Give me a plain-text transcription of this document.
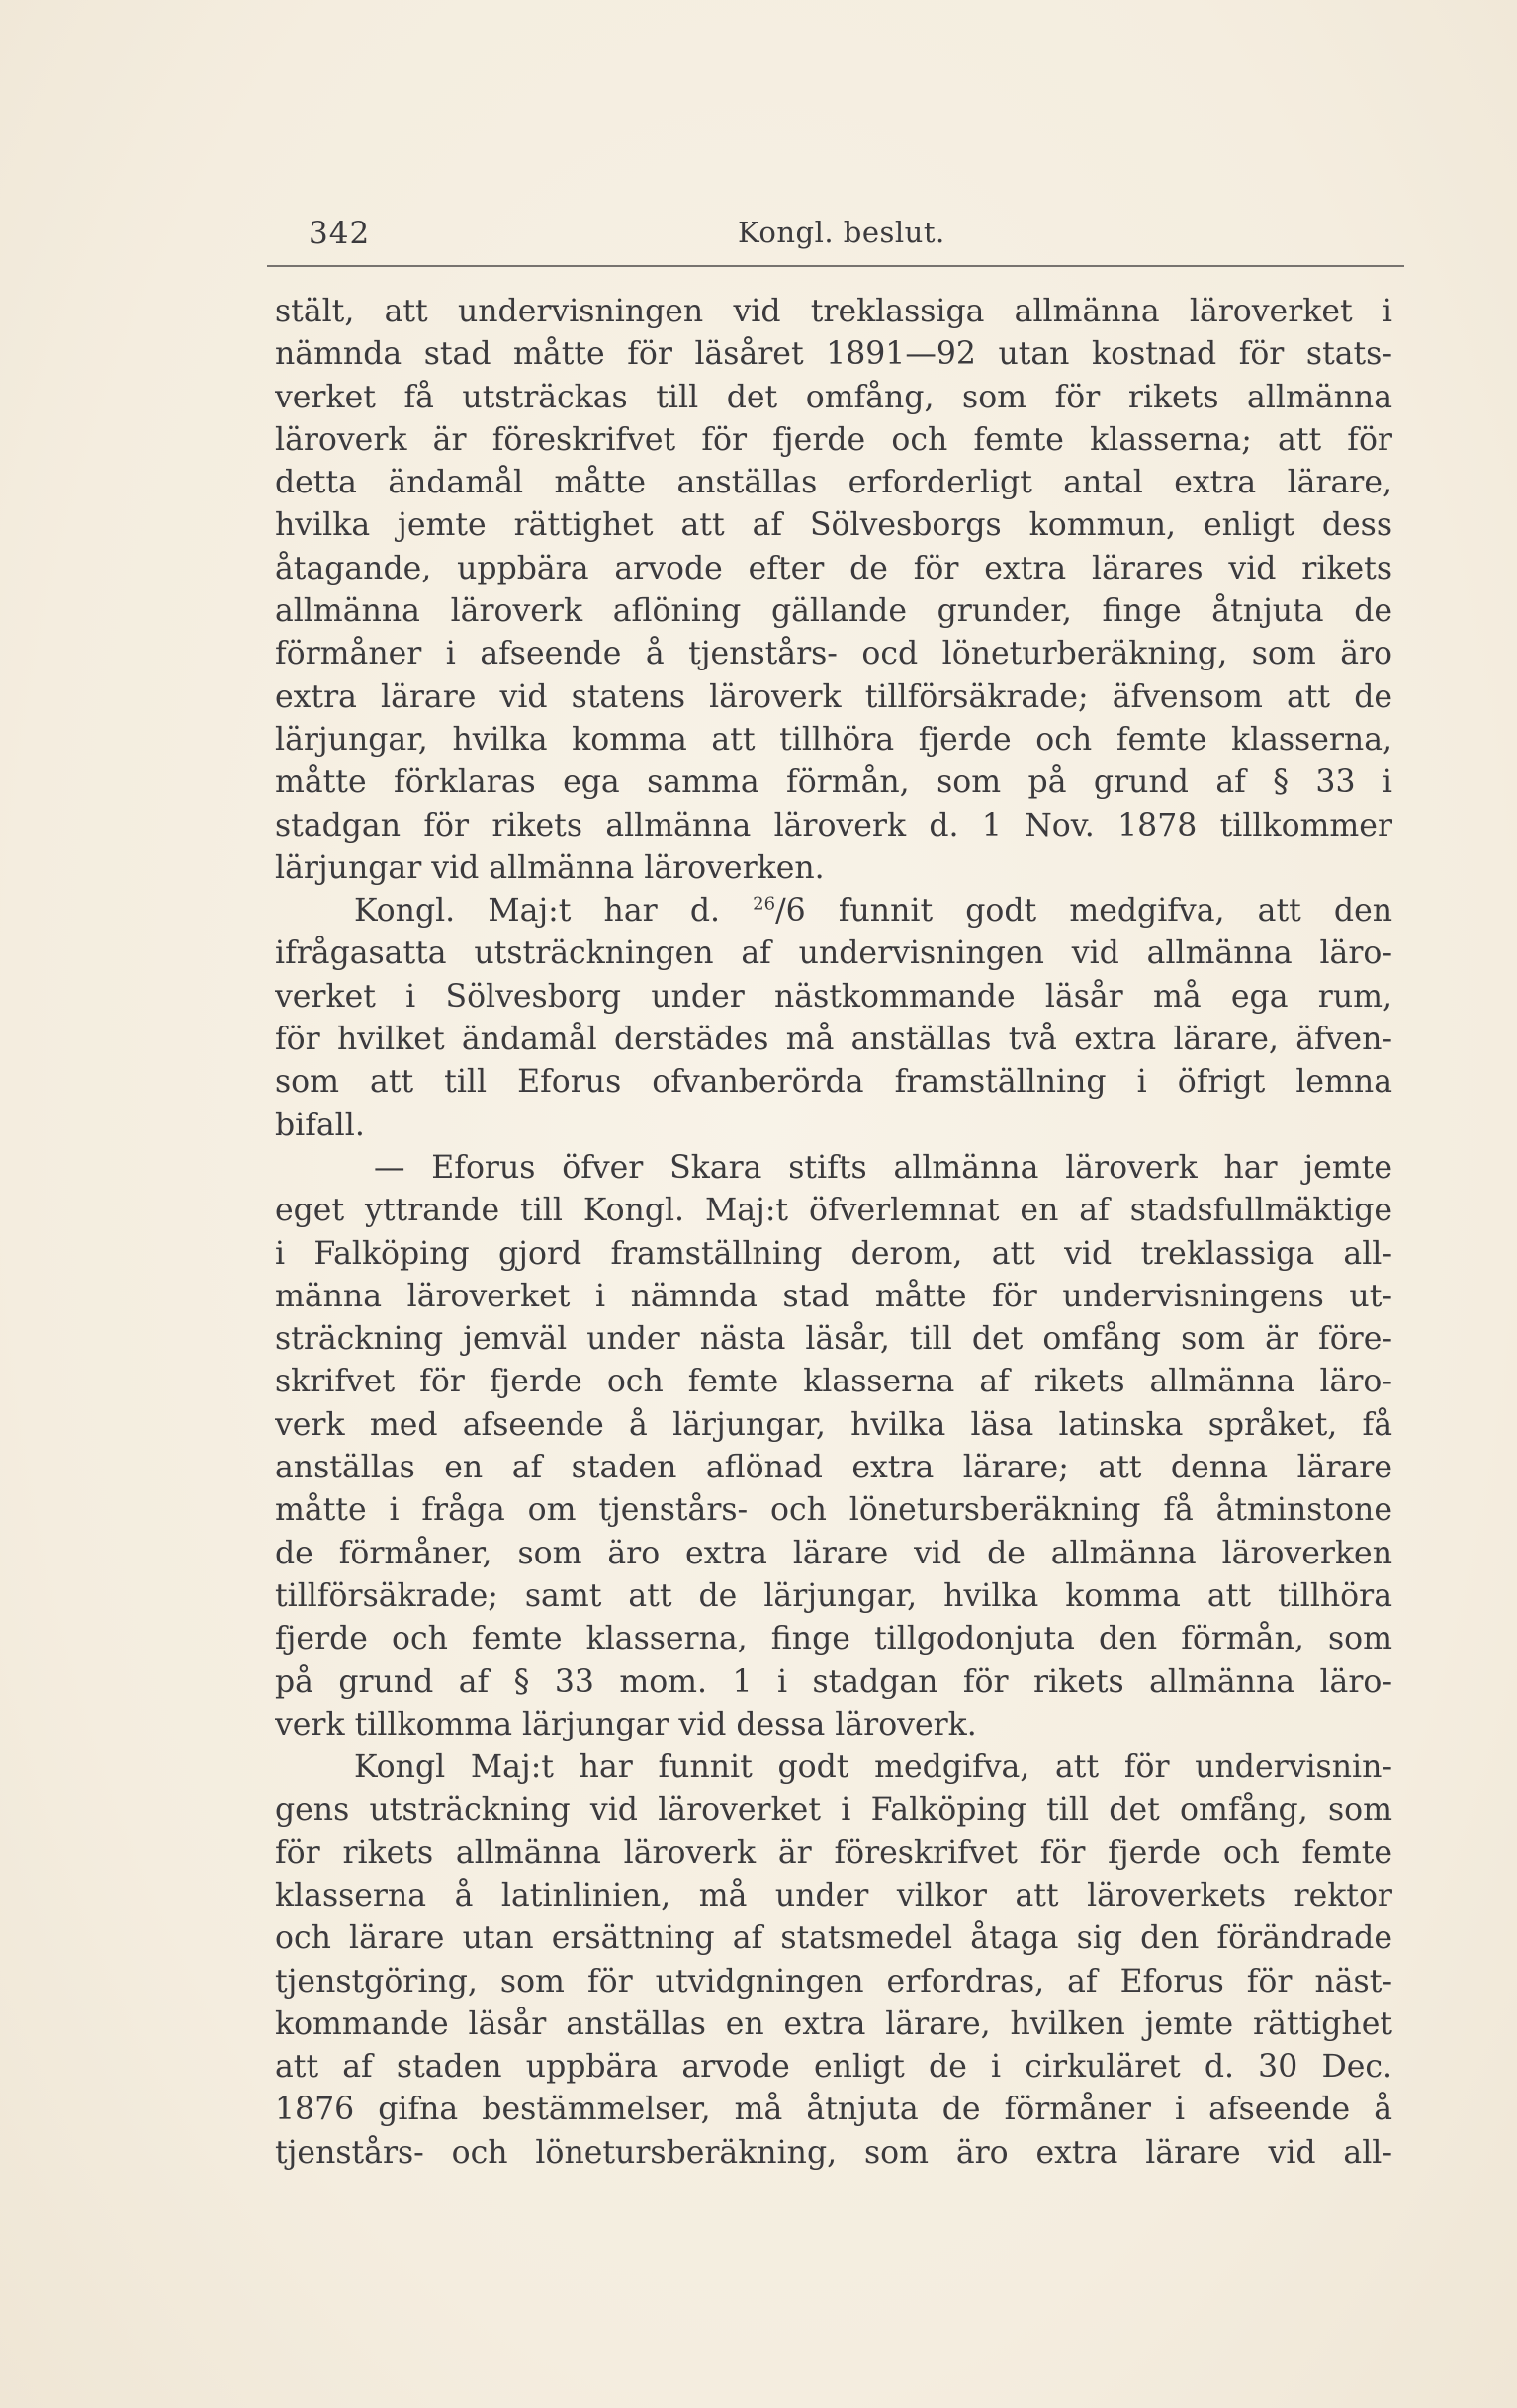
342	Kongl. beslut.
stält, att undervisningen vid treklassiga allmänna läroverket i
nämnda stad måtte för läsåret 1891—92 utan kostnad för stats-
verket få utsträckas till det omfång, som för rikets allmänna
läroverk är föreskrifvet för fjerde och femte klasserna; att för
detta ändamål måtte anställas erforderligt antal extra lärare,
hvilka jemte rättighet att af Sölvesborgs kommun, enligt dess
åtagande, uppbära arvode efter de för extra lärares vid rikets
allmänna läroverk aflöning gällande grunder, finge åtnjuta de
förmåner i afseende å tjenstårs- ocd löneturberäkning, som äro
extra lärare vid statens läroverk tillförsäkrade; äfvensom att de
lärjungar, hvilka komma att tillhöra fjerde och femte klasserna,
måtte förklaras ega samma förmån, som på grund af § 33 i
stadgan för rikets allmänna läroverk d. 1 Nov. 1878 tillkommer
lärjungar vid allmänna läroverken.
Kongl. Maj:t har d. $^{26}$/6 funnit godt medgifva, att den
ifrågasatta utsträckningen af undervisningen vid allmänna läro-
verket i Sölvesborg under nästkommande läsår må ega rum,
för hvilket ändamål derstädes må anställas två extra lärare, äfven-
som att till Eforus ofvanberörda framställning i öfrigt lemna
bifall.
— Eforus öfver Skara stifts allmänna läroverk har jemte
eget yttrande till Kongl. Maj:t öfverlemnat en af stadsfullmäktige
i Falköping gjord framställning derom, att vid treklassiga all-
männa läroverket i nämnda stad måtte för undervisningens ut-
sträckning jemväl under nästa läsår, till det omfång som är före-
skrifvet för fjerde och femte klasserna af rikets allmänna läro-
verk med afseende å lärjungar, hvilka läsa latinska språket, få
anställas en af staden aflönad extra lärare; att denna lärare
måtte i fråga om tjenstårs- och lönetursberäkning få åtminstone
de förmåner, som äro extra lärare vid de allmänna läroverken
tillförsäkrade; samt att de lärjungar, hvilka komma att tillhöra
fjerde och femte klasserna, finge tillgodonjuta den förmån, som
på grund af § 33 mom. 1 i stadgan för rikets allmänna läro-
verk tillkomma lärjungar vid dessa läroverk.
Kongl Maj:t har funnit godt medgifva, att för undervisnin-
gens utsträckning vid läroverket i Falköping till det omfång, som
för rikets allmänna läroverk är föreskrifvet för fjerde och femte
klasserna å latinlinien, må under vilkor att läroverkets rektor
och lärare utan ersättning af statsmedel åtaga sig den förändrade
tjenstgöring, som för utvidgningen erfordras, af Eforus för näst-
kommande läsår anställas en extra lärare, hvilken jemte rättighet
att af staden uppbära arvode enligt de i cirkuläret d. 30 Dec.
1876 gifna bestämmelser, må åtnjuta de förmåner i afseende å
tjenstårs- och lönetursberäkning, som äro extra lärare vid all-
